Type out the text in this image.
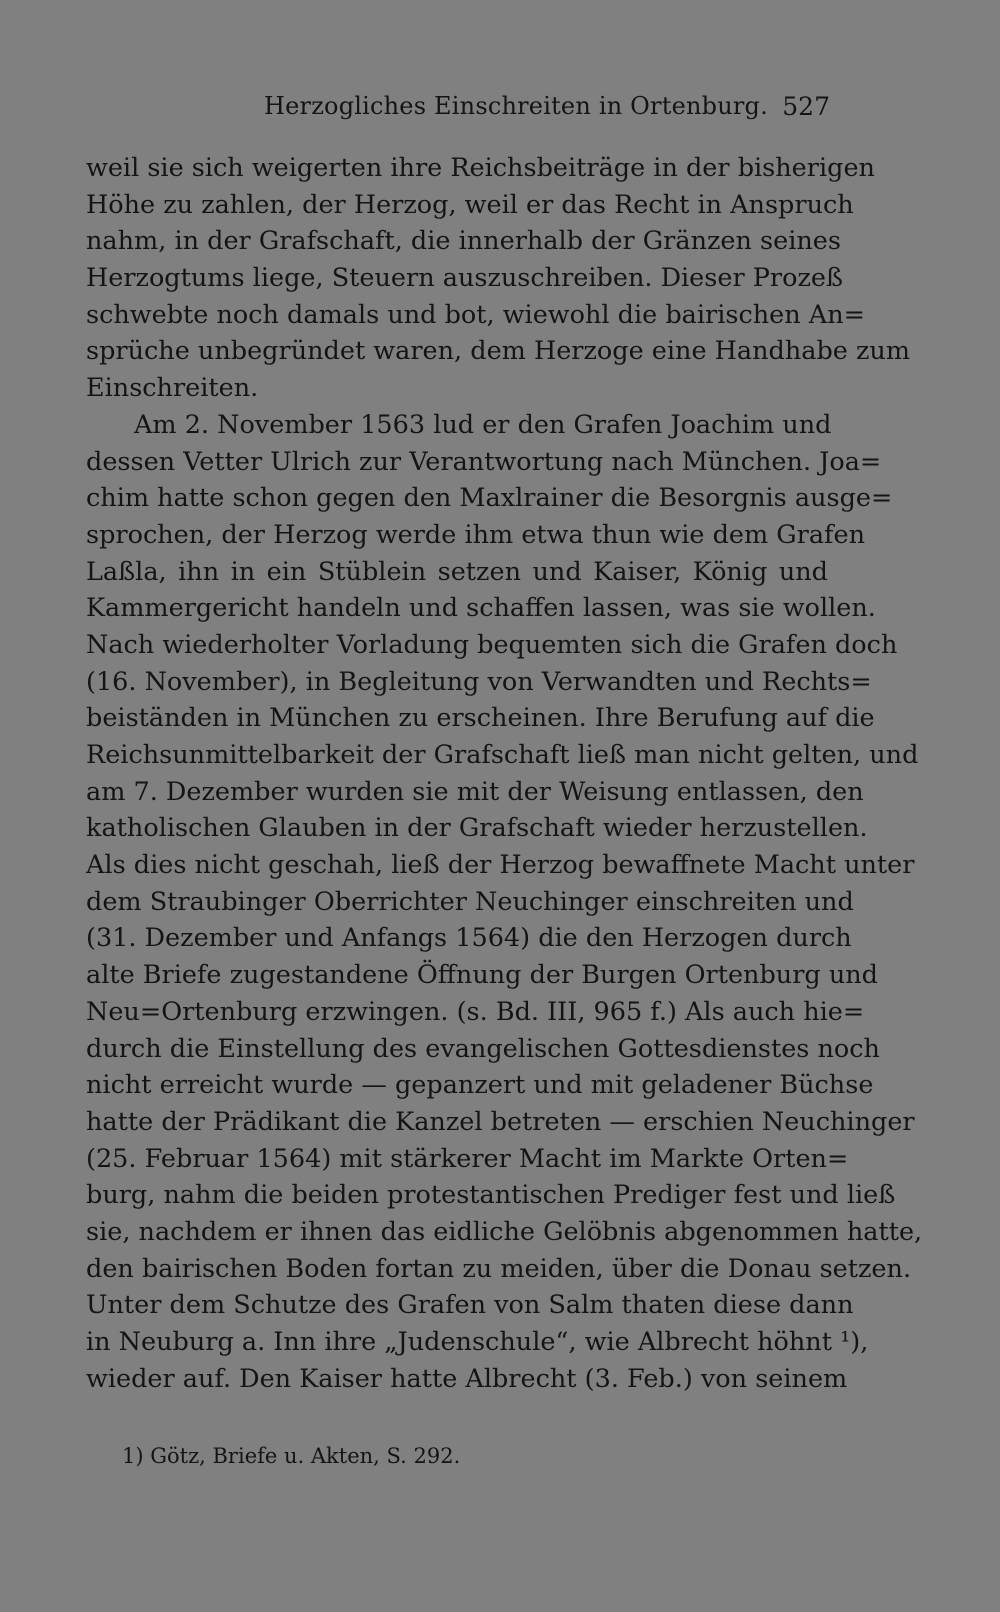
Herzogliches Einschreiten in Ortenburg. 527
weil sie sich weigerten ihre Reichsbeiträge in der bisherigen
Höhe zu zahlen, der Herzog, weil er das Recht in Anspruch
nahm, in der Grafschaft, die innerhalb der Gränzen seines
Herzogtums liege, Steuern auszuschreiben. Dieser Prozeß
schwebte noch damals und bot, wiewohl die bairischen An=
sprüche unbegründet waren, dem Herzoge eine Handhabe zum
Einschreiten.
Am 2. November 1563 lud er den Grafen Joachim und
dessen Vetter Ulrich zur Verantwortung nach München. Joa=
chim hatte schon gegen den Maxlrainer die Besorgnis ausge=
sprochen, der Herzog werde ihm etwa thun wie dem Grafen
Laßla, ihn in ein Stüblein setzen und Kaiser, König und
Kammergericht handeln und schaffen lassen, was sie wollen.
Nach wiederholter Vorladung bequemten sich die Grafen doch
(16. November), in Begleitung von Verwandten und Rechts=
beiständen in München zu erscheinen. Ihre Berufung auf die
Reichsunmittelbarkeit der Grafschaft ließ man nicht gelten, und
am 7. Dezember wurden sie mit der Weisung entlassen, den
katholischen Glauben in der Grafschaft wieder herzustellen.
Als dies nicht geschah, ließ der Herzog bewaffnete Macht unter
dem Straubinger Oberrichter Neuchinger einschreiten und
(31. Dezember und Anfangs 1564) die den Herzogen durch
alte Briefe zugestandene Öffnung der Burgen Ortenburg und
Neu=Ortenburg erzwingen. (s. Bd. III, 965 f.) Als auch hie=
durch die Einstellung des evangelischen Gottesdienstes noch
nicht erreicht wurde — gepanzert und mit geladener Büchse
hatte der Prädikant die Kanzel betreten — erschien Neuchinger
(25. Februar 1564) mit stärkerer Macht im Markte Orten=
burg, nahm die beiden protestantischen Prediger fest und ließ
sie, nachdem er ihnen das eidliche Gelöbnis abgenommen hatte,
den bairischen Boden fortan zu meiden, über die Donau setzen.
Unter dem Schutze des Grafen von Salm thaten diese dann
in Neuburg a. Inn ihre „Judenschule“, wie Albrecht höhnt ¹),
wieder auf. Den Kaiser hatte Albrecht (3. Feb.) von seinem
1) Götz, Briefe u. Akten, S. 292.
